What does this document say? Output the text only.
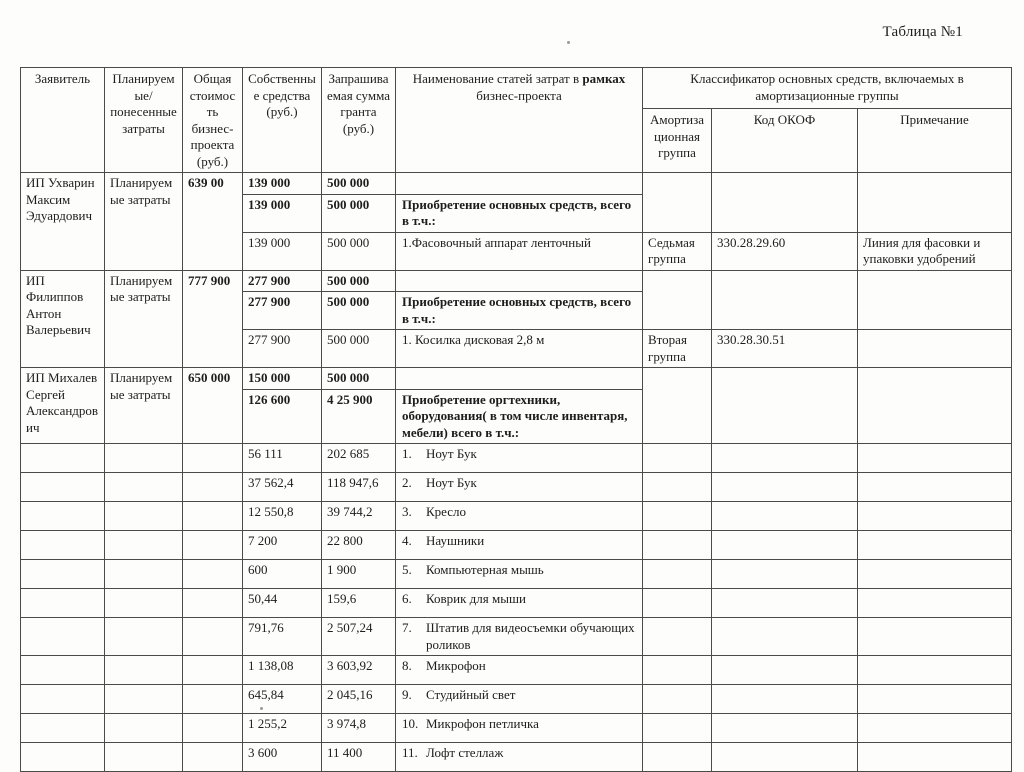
Таблица №1
Заявитель	Планируемые/ понесенные затраты	Общая стоимость бизнес-проекта (руб.)	Собственные средства (руб.)	Запрашиваемая сумма гранта (руб.)	Наименование статей затрат в рамках бизнес-проекта	Классификатор основных средств, включаемых в амортизационные группы		
						Амортизационная группа	Код ОКОФ	Примечание
ИП Ухварин Максим Эдуардович	Планируемые затраты	639 00	139 000	500 000				
			139 000	500 000	Приобретение основных средств, всего в т.ч.:			
			139 000	500 000	1.Фасовочный аппарат ленточный	Седьмая группа	330.28.29.60	Линия для фасовки и упаковки удобрений
ИП Филиппов Антон Валерьевич	Планируемые затраты	777 900	277 900	500 000				
			277 900	500 000	Приобретение основных средств, всего в т.ч.:			
			277 900	500 000	1. Косилка дисковая 2,8 м	Вторая группа	330.28.30.51	
ИП Михалев Сергей Александрович	Планируемые затраты	650 000	150 000	500 000				
			126 600	4 25 900	Приобретение оргтехники, оборудования( в том числе инвентаря, мебели) всего в т.ч.:			
			56 111	202 685	1. Ноут Бук			

			37 562,4	118 947,6	2. Ноут Бук			

			12 550,8	39 744,2	3. Кресло			

			7 200	22 800	4. Наушники			

			600	1 900	5. Компьютерная мышь			

			50,44	159,6	6. Коврик для мыши			

			791,76	2 507,24	7. Штатив для видеосъемки обучающих роликов			

			1 138,08	3 603,92	8. Микрофон			

			645,84	2 045,16	9. Студийный свет			

			1 255,2	3 974,8	10. Микрофон петличка			

			3 600	11 400	11. Лофт стеллаж			
